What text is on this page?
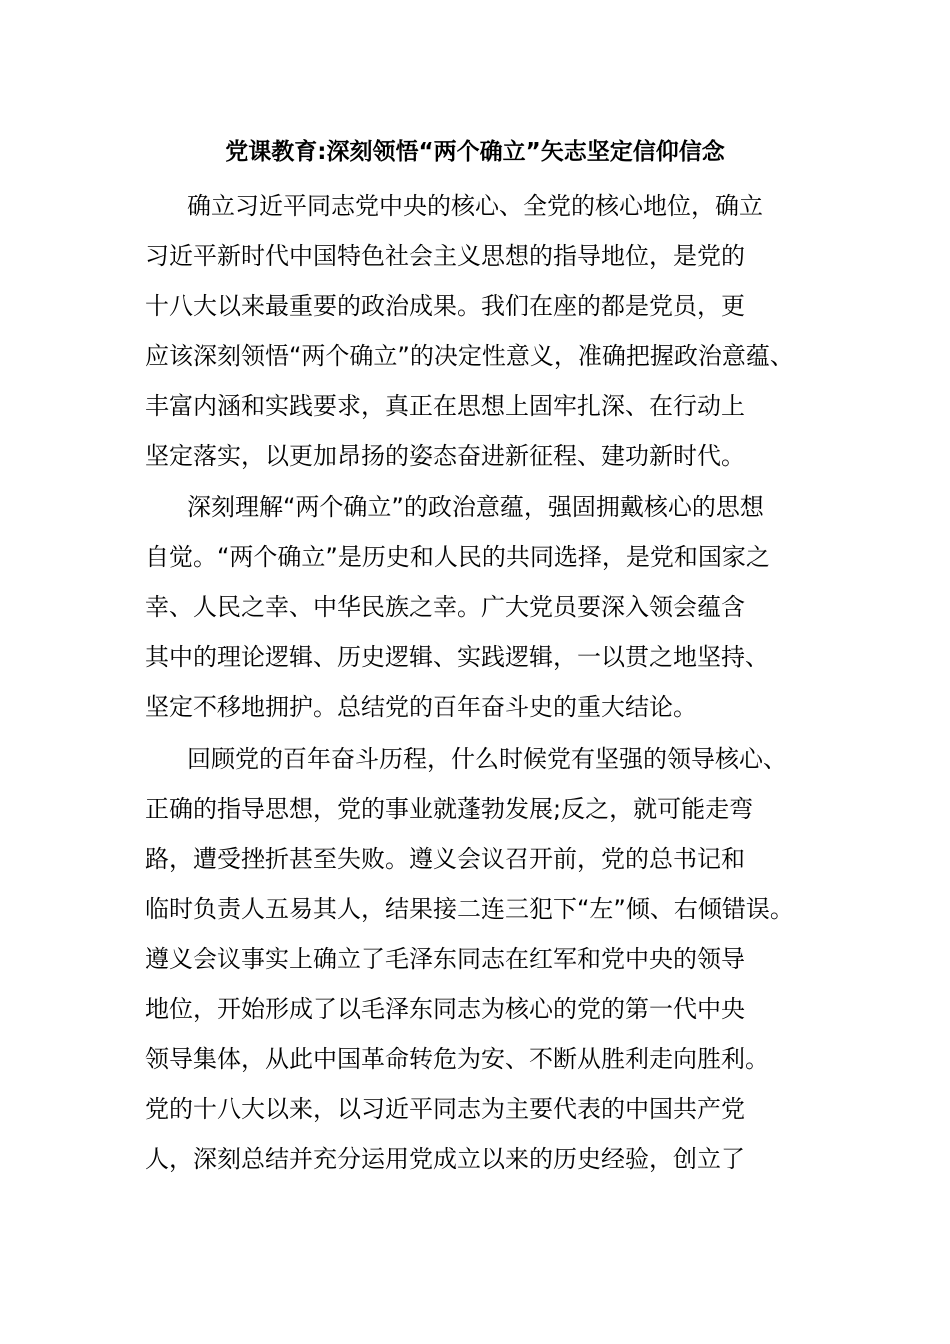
党课教育:深刻领悟“两个确立”矢志坚定信仰信念
确立习近平同志党中央的核心、全党的核心地位，确立
习近平新时代中国特色社会主义思想的指导地位，是党的
十八大以来最重要的政治成果。我们在座的都是党员，更
应该深刻领悟“两个确立”的决定性意义，准确把握政治意蕴、
丰富内涵和实践要求，真正在思想上固牢扎深、在行动上
坚定落实，以更加昂扬的姿态奋进新征程、建功新时代。
深刻理解“两个确立”的政治意蕴，强固拥戴核心的思想
自觉。“两个确立”是历史和人民的共同选择，是党和国家之
幸、人民之幸、中华民族之幸。广大党员要深入领会蕴含
其中的理论逻辑、历史逻辑、实践逻辑，一以贯之地坚持、
坚定不移地拥护。总结党的百年奋斗史的重大结论。
回顾党的百年奋斗历程，什么时候党有坚强的领导核心、
正确的指导思想，党的事业就蓬勃发展;反之，就可能走弯
路，遭受挫折甚至失败。遵义会议召开前，党的总书记和
临时负责人五易其人，结果接二连三犯下“左”倾、右倾错误。
遵义会议事实上确立了毛泽东同志在红军和党中央的领导
地位，开始形成了以毛泽东同志为核心的党的第一代中央
领导集体，从此中国革命转危为安、不断从胜利走向胜利。
党的十八大以来，以习近平同志为主要代表的中国共产党
人，深刻总结并充分运用党成立以来的历史经验，创立了
